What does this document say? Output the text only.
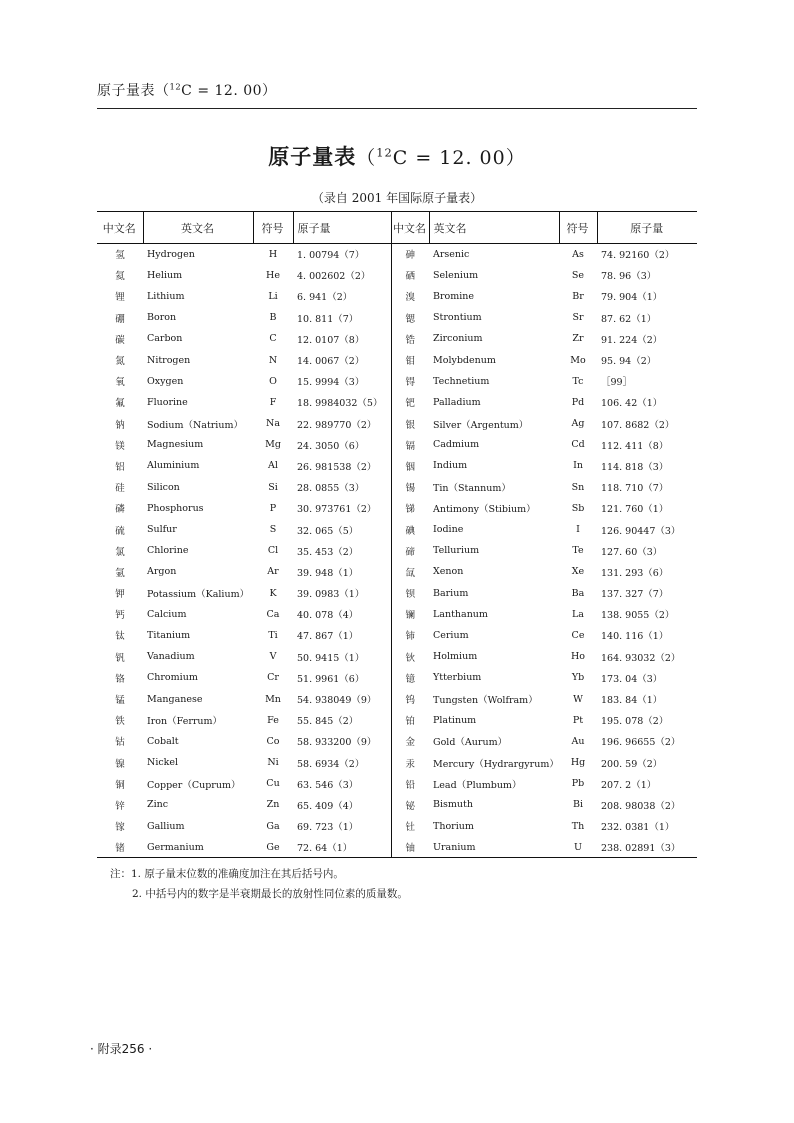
原子量表（$^{12}$C = 12. 00）
原子量表（$^{12}$C = 12. 00）
（录自 2001 年国际原子量表）
中文名	英文名	符号	原子量	中文名	英文名	符号	原子量
氢	Hydrogen	H	1. 00794（7）	砷	Arsenic	As	74. 92160（2）
氦	Helium	He	4. 002602（2）	硒	Selenium	Se	78. 96（3）
锂	Lithium	Li	6. 941（2）	溴	Bromine	Br	79. 904（1）
硼	Boron	B	10. 811（7）	锶	Strontium	Sr	87. 62（1）
碳	Carbon	C	12. 0107（8）	锆	Zirconium	Zr	91. 224（2）
氮	Nitrogen	N	14. 0067（2）	钼	Molybdenum	Mo	95. 94（2）
氧	Oxygen	O	15. 9994（3）	锝	Technetium	Tc	［99］
氟	Fluorine	F	18. 9984032（5）	钯	Palladium	Pd	106. 42（1）
钠	Sodium（Natrium）	Na	22. 989770（2）	银	Silver（Argentum）	Ag	107. 8682（2）
镁	Magnesium	Mg	24. 3050（6）	镉	Cadmium	Cd	112. 411（8）
铝	Aluminium	Al	26. 981538（2）	铟	Indium	In	114. 818（3）
硅	Silicon	Si	28. 0855（3）	锡	Tin（Stannum）	Sn	118. 710（7）
磷	Phosphorus	P	30. 973761（2）	锑	Antimony（Stibium）	Sb	121. 760（1）
硫	Sulfur	S	32. 065（5）	碘	Iodine	I	126. 90447（3）
氯	Chlorine	Cl	35. 453（2）	碲	Tellurium	Te	127. 60（3）
氩	Argon	Ar	39. 948（1）	氙	Xenon	Xe	131. 293（6）
钾	Potassium（Kalium）	K	39. 0983（1）	钡	Barium	Ba	137. 327（7）
钙	Calcium	Ca	40. 078（4）	镧	Lanthanum	La	138. 9055（2）
钛	Titanium	Ti	47. 867（1）	铈	Cerium	Ce	140. 116（1）
钒	Vanadium	V	50. 9415（1）	钬	Holmium	Ho	164. 93032（2）
铬	Chromium	Cr	51. 9961（6）	镱	Ytterbium	Yb	173. 04（3）
锰	Manganese	Mn	54. 938049（9）	钨	Tungsten（Wolfram）	W	183. 84（1）
铁	Iron（Ferrum）	Fe	55. 845（2）	铂	Platinum	Pt	195. 078（2）
钴	Cobalt	Co	58. 933200（9）	金	Gold（Aurum）	Au	196. 96655（2）
镍	Nickel	Ni	58. 6934（2）	汞	Mercury（Hydrargyrum）	Hg	200. 59（2）
铜	Copper（Cuprum）	Cu	63. 546（3）	铅	Lead（Plumbum）	Pb	207. 2（1）
锌	Zinc	Zn	65. 409（4）	铋	Bismuth	Bi	208. 98038（2）
镓	Gallium	Ga	69. 723（1）	钍	Thorium	Th	232. 0381（1）
锗	Germanium	Ge	72. 64（1）	铀	Uranium	U	238. 02891（3）
注：1. 原子量末位数的准确度加注在其后括号内。
2. 中括号内的数字是半衰期最长的放射性同位素的质量数。
· 附录256 ·
